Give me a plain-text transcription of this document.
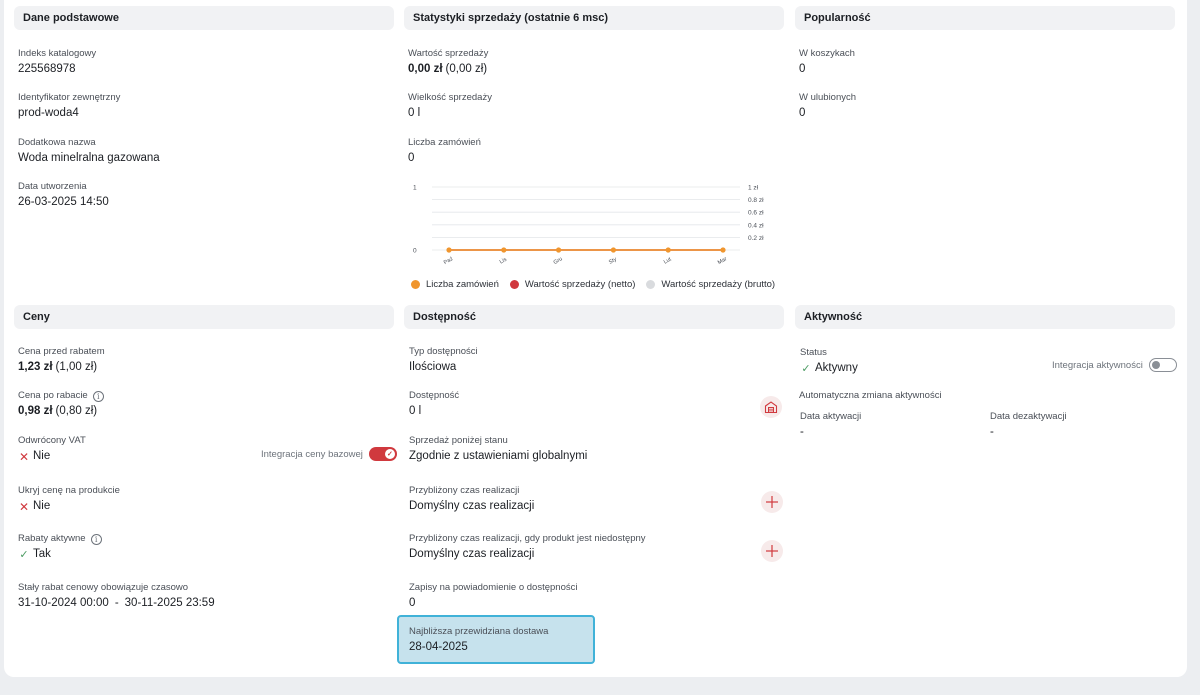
Dane podstawowe
Indeks katalogowy
225568978
Identyfikator zewnętrzny
prod-woda4
Dodatkowa nazwa
Woda minelralna gazowana
Data utworzenia
26-03-2025 14:50
Statystyki sprzedaży (ostatnie 6 msc)
Wartość sprzedaży
0,00 zł (0,00 zł)
Wielkość sprzedaży
0 l
Liczba zamówień
0
1 zł
0.8 zł
0.6 zł
0.4 zł
0.2 zł
1
0
Paź	Lis	Gru	Sty	Lut	Mar
Liczba zamówień	Wartość sprzedaży (netto)	Wartość sprzedaży (brutto)
Popularność
W koszykach
0
W ulubionych
0
Ceny
Cena przed rabatem
1,23 zł (1,00 zł)
Cena po rabacie	i
0,98 zł (0,80 zł)
Odwrócony VAT
✕ Nie	Integracja ceny bazowej	✓
Ukryj cenę na produkcie
✕ Nie
Rabaty aktywne	i
✓ Tak
Stały rabat cenowy obowiązuje czasowo
31-10-2024 00:00 - 30-11-2025 23:59
Dostępność
Typ dostępności
Ilościowa
Dostępność
0 l
Sprzedaż poniżej stanu
Zgodnie z ustawieniami globalnymi
Przybliżony czas realizacji
Domyślny czas realizacji
Przybliżony czas realizacji, gdy produkt jest niedostępny
Domyślny czas realizacji
Zapisy na powiadomienie o dostępności
0
Najbliższa przewidziana dostawa
28-04-2025
Aktywność
Status
✓ Aktywny	Integracja aktywności
Automatyczna zmiana aktywności
Data aktywacji
-
Data dezaktywacji
-
